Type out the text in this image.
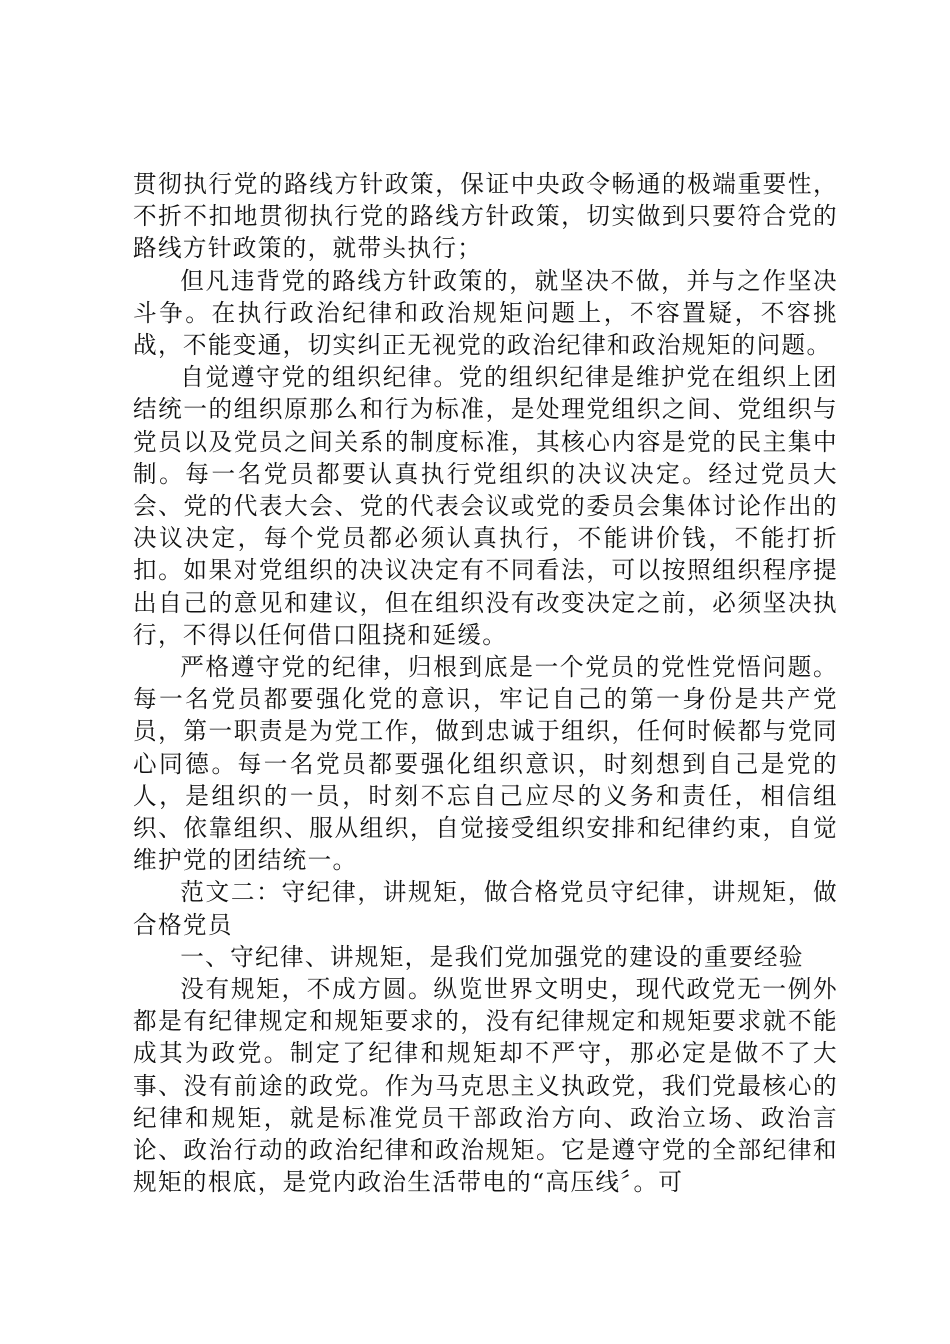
贯彻执行党的路线方针政策，保证中央政令畅通的极端重要性，不折不扣地贯彻执行党的路线方针政策，切实做到只要符合党的路线方针政策的，就带头执行；

但凡违背党的路线方针政策的，就坚决不做，并与之作坚决斗争。在执行政治纪律和政治规矩问题上，不容置疑，不容挑战，不能变通，切实纠正无视党的政治纪律和政治规矩的问题。

自觉遵守党的组织纪律。党的组织纪律是维护党在组织上团结统一的组织原那么和行为标准，是处理党组织之间、党组织与党员以及党员之间关系的制度标准，其核心内容是党的民主集中制。每一名党员都要认真执行党组织的决议决定。经过党员大会、党的代表大会、党的代表会议或党的委员会集体讨论作出的决议决定，每个党员都必须认真执行，不能讲价钱，不能打折扣。如果对党组织的决议决定有不同看法，可以按照组织程序提出自己的意见和建议，但在组织没有改变决定之前，必须坚决执行，不得以任何借口阻挠和延缓。

严格遵守党的纪律，归根到底是一个党员的党性党悟问题。每一名党员都要强化党的意识，牢记自己的第一身份是共产党员，第一职责是为党工作，做到忠诚于组织，任何时候都与党同心同德。每一名党员都要强化组织意识，时刻想到自己是党的人，是组织的一员，时刻不忘自己应尽的义务和责任，相信组织、依靠组织、服从组织，自觉接受组织安排和纪律约束，自觉维护党的团结统一。

范文二：守纪律，讲规矩，做合格党员守纪律，讲规矩，做合格党员

一、守纪律、讲规矩，是我们党加强党的建设的重要经验

没有规矩，不成方圆。纵览世界文明史，现代政党无一例外都是有纪律规定和规矩要求的，没有纪律规定和规矩要求就不能成其为政党。制定了纪律和规矩却不严守，那必定是做不了大事、没有前途的政党。作为马克思主义执政党，我们党最核心的纪律和规矩，就是标准党员干部政治方向、政治立场、政治言论、政治行动的政治纪律和政治规矩。它是遵守党的全部纪律和规矩的根底，是党内政治生活带电的“高压线〞。可
